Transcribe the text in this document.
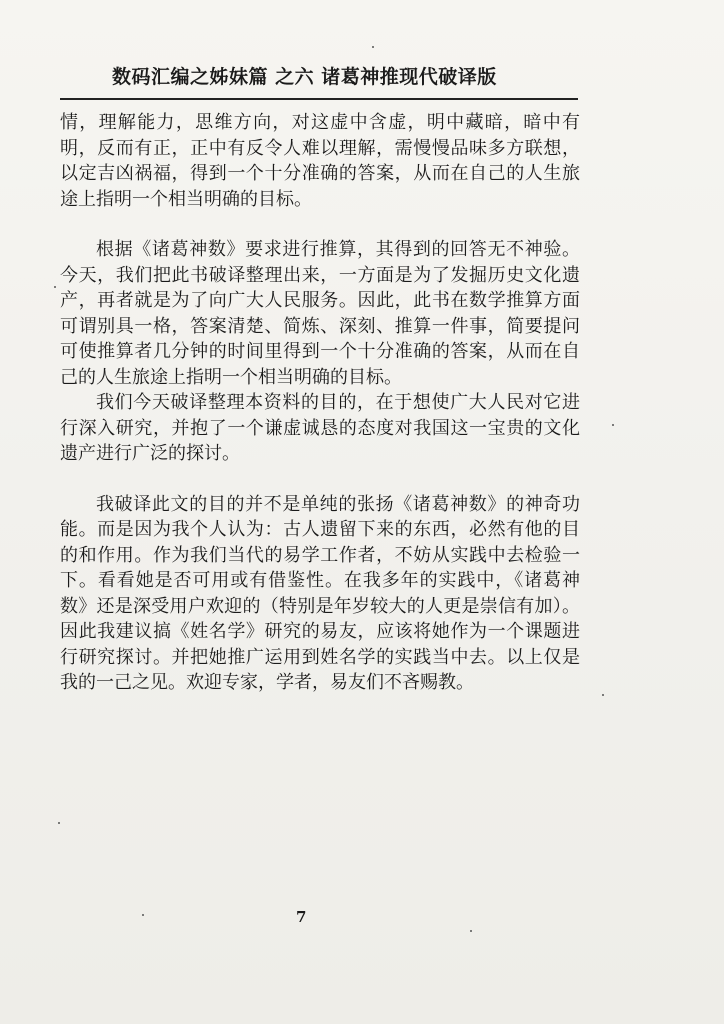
数码汇编之姊妹篇 之六 诸葛神推现代破译版

情，理解能力，思维方向，对这虚中含虚，明中藏暗，暗中有明，反而有正，正中有反令人难以理解，需慢慢品味多方联想，以定吉凶祸福，得到一个十分准确的答案，从而在自己的人生旅途上指明一个相当明确的目标。

根据《诸葛神数》要求进行推算，其得到的回答无不神验。今天，我们把此书破译整理出来，一方面是为了发掘历史文化遗产，再者就是为了向广大人民服务。因此，此书在数学推算方面可谓别具一格，答案清楚、简炼、深刻、推算一件事，简要提问可使推算者几分钟的时间里得到一个十分准确的答案，从而在自己的人生旅途上指明一个相当明确的目标。

我们今天破译整理本资料的目的，在于想使广大人民对它进行深入研究，并抱了一个谦虚诚恳的态度对我国这一宝贵的文化遗产进行广泛的探讨。

我破译此文的目的并不是单纯的张扬《诸葛神数》的神奇功能。而是因为我个人认为：古人遗留下来的东西，必然有他的目的和作用。作为我们当代的易学工作者，不妨从实践中去检验一下。看看她是否可用或有借鉴性。在我多年的实践中，《诸葛神数》还是深受用户欢迎的（特别是年岁较大的人更是崇信有加）。因此我建议搞《姓名学》研究的易友，应该将她作为一个课题进行研究探讨。并把她推广运用到姓名学的实践当中去。以上仅是我的一己之见。欢迎专家，学者，易友们不吝赐教。

7
